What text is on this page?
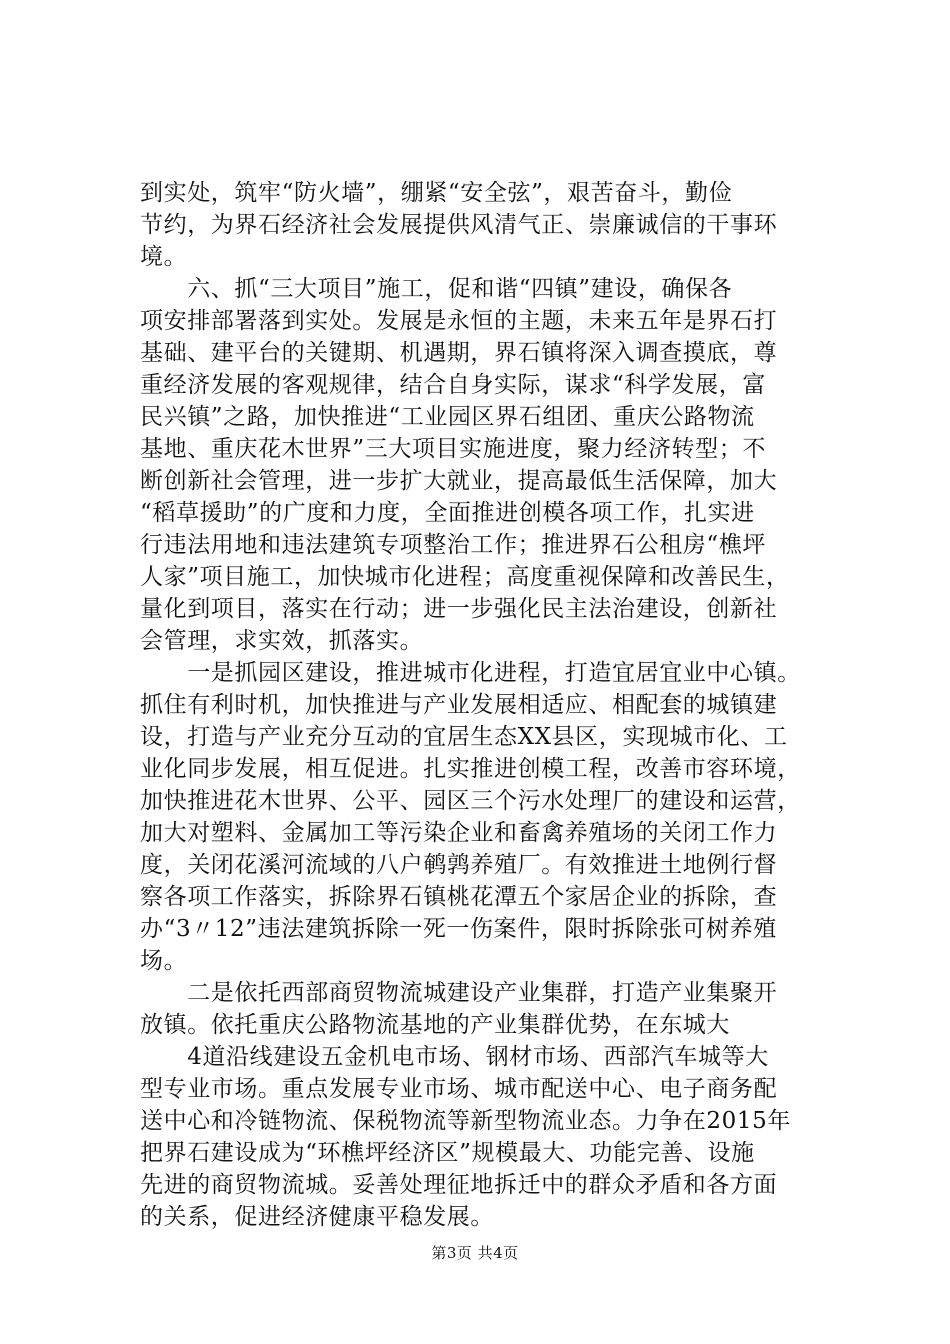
到实处，筑牢“防火墙”，绷紧“安全弦”，艰苦奋斗，勤俭
节约，为界石经济社会发展提供风清气正、崇廉诚信的干事环
境。
　　六、抓“三大项目”施工，促和谐“四镇”建设，确保各
项安排部署落到实处。发展是永恒的主题，未来五年是界石打
基础、建平台的关键期、机遇期，界石镇将深入调查摸底，尊
重经济发展的客观规律，结合自身实际，谋求“科学发展，富
民兴镇”之路，加快推进“工业园区界石组团、重庆公路物流
基地、重庆花木世界”三大项目实施进度，聚力经济转型；不
断创新社会管理，进一步扩大就业，提高最低生活保障，加大
“稻草援助”的广度和力度，全面推进创模各项工作，扎实进
行违法用地和违法建筑专项整治工作；推进界石公租房“樵坪
人家”项目施工，加快城市化进程；高度重视保障和改善民生，
量化到项目，落实在行动；进一步强化民主法治建设，创新社
会管理，求实效，抓落实。
　　一是抓园区建设，推进城市化进程，打造宜居宜业中心镇。
抓住有利时机，加快推进与产业发展相适应、相配套的城镇建
设，打造与产业充分互动的宜居生态XX县区，实现城市化、工
业化同步发展，相互促进。扎实推进创模工程，改善市容环境，
加快推进花木世界、公平、园区三个污水处理厂的建设和运营，
加大对塑料、金属加工等污染企业和畜禽养殖场的关闭工作力
度，关闭花溪河流域的八户鹌鹑养殖厂。有效推进土地例行督
察各项工作落实，拆除界石镇桃花潭五个家居企业的拆除，查
办“3〃12”违法建筑拆除一死一伤案件，限时拆除张可树养殖
场。
　　二是依托西部商贸物流城建设产业集群，打造产业集聚开
放镇。依托重庆公路物流基地的产业集群优势，在东城大
　　4道沿线建设五金机电市场、钢材市场、西部汽车城等大
型专业市场。重点发展专业市场、城市配送中心、电子商务配
送中心和冷链物流、保税物流等新型物流业态。力争在2015年
把界石建设成为“环樵坪经济区”规模最大、功能完善、设施
先进的商贸物流城。妥善处理征地拆迁中的群众矛盾和各方面
的关系，促进经济健康平稳发展。
第3页 共4页
